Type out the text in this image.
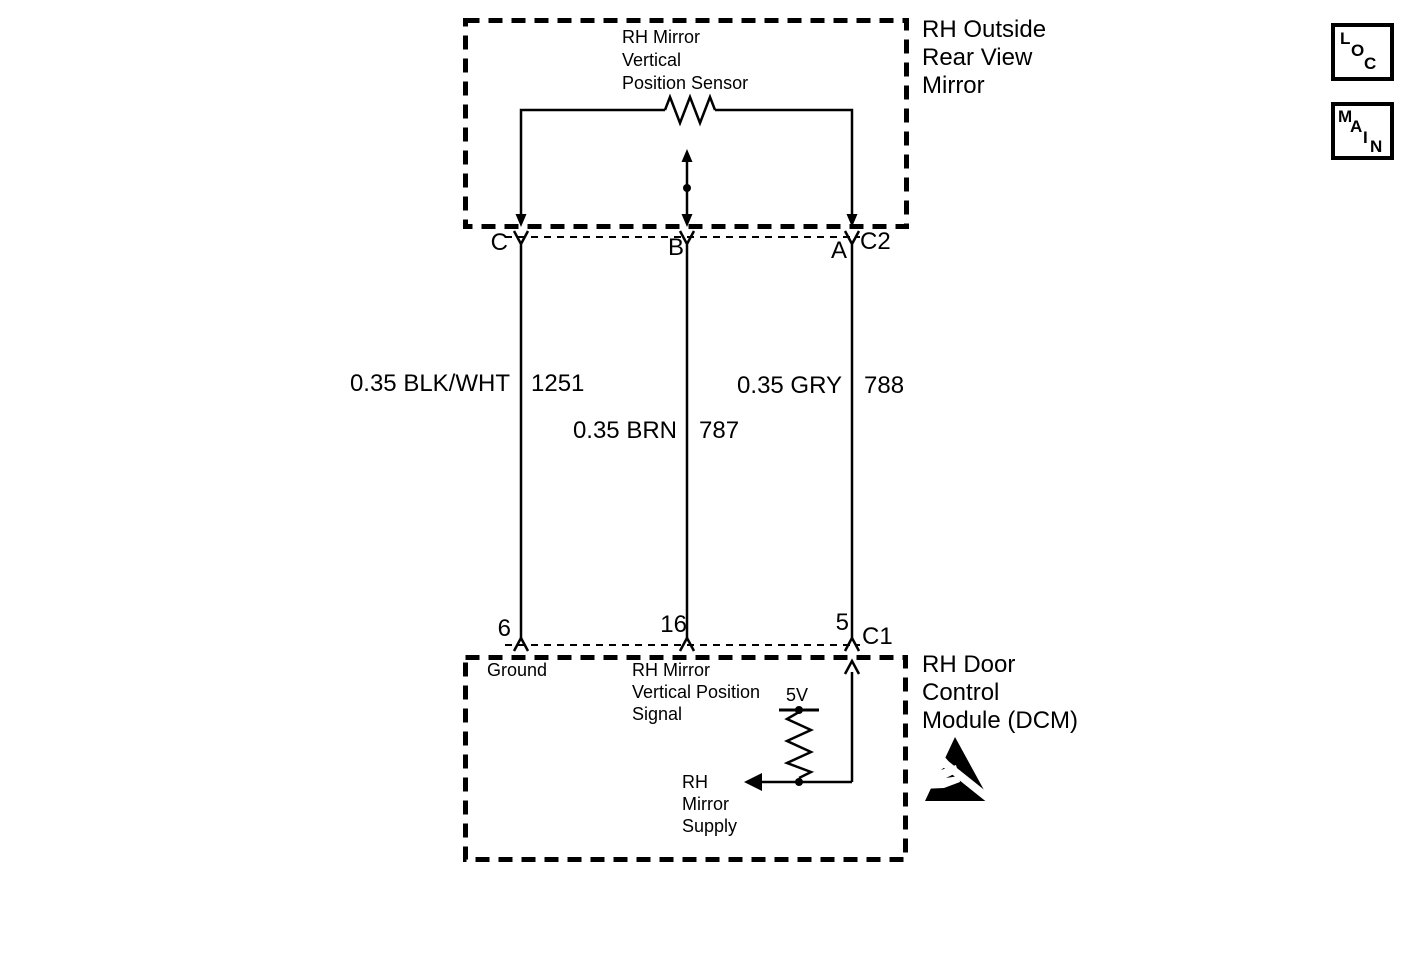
RH Outside
Rear View
Mirror
RH Mirror
Vertical
Position Sensor
C	B	A C2
0.35 BLK/WHT 1251	0.35 GRY 788
0.35 BRN 787
6	16	5
C1
RH Door
Control
Module (DCM)
Ground	RH Mirror
Vertical Position
Signal
5V
RH
Mirror
Supply
L
O
C
M
A
I N
